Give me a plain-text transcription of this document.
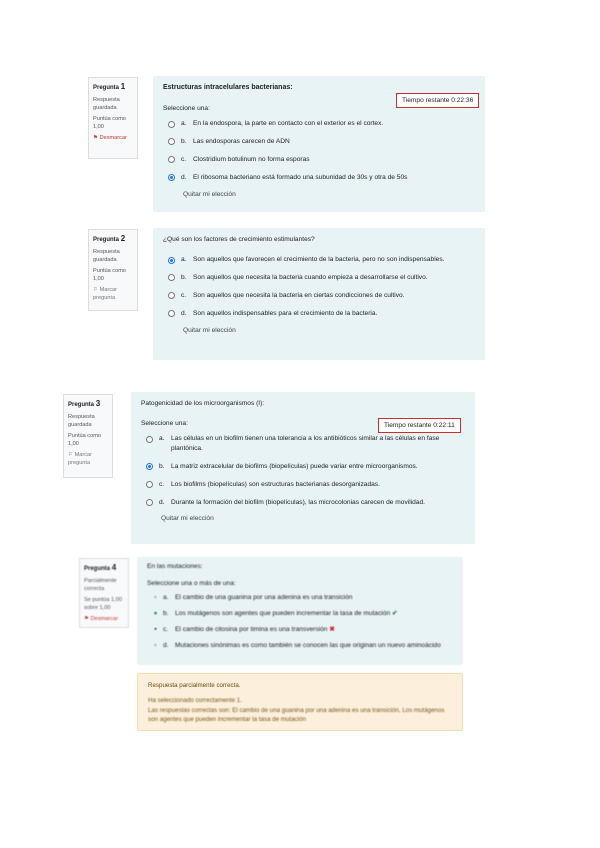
Pregunta 1
Respuesta guardada
Puntúa como 1,00
⚑ Desmarcar
Estructuras intracelulares bacterianas:
Seleccione una:
a. En la endospora, la parte en contacto con el exterior es el cortex.
b. Las endosporas carecen de ADN
c.	Clostridium botulinum no forma esporas
d. El ribosoma bacteriano está formado una subunidad de 30s y otra de 50s
Quitar mi elección
Tiempo restante 0:22:36
Pregunta 2
Respuesta guardada
Puntúa como 1,00
⚐ Marcar pregunta
¿Qué son los factores de crecimiento estimulantes?
a. Son aquellos que favorecen el crecimiento de la bacteria, pero no son indispensables.
b. Son aquellos que necesita la bacteria cuando empieza a desarrollarse el cultivo.
c.	Son aquellos que necesita la bacteria en ciertas condicciones de cultivo.
d. Son aquellos indispensables para el crecimiento de la bacteria.
Quitar mi elección
Pregunta 3
Respuesta guardada
Puntúa como 1,00
⚐ Marcar pregunta
Patogenicidad de los microorganismos (I):
Seleccione una:
a. Las células en un biofilm tienen una tolerancia a los antibióticos similar a las células en fase plantónica.
b. La matriz extracelular de biofilms (biopelículas) puede variar entre microorganismos.
c.	Los biofilms (biopelículas) son estructuras bacterianas desorganizadas.
d. Durante la formación del biofilm (biopelículas), las microcolonias carecen de movilidad.
Quitar mi elección
Tiempo restante 0:22:11
Pregunta 4
Parcialmente correcta
Se puntúa 1,00 sobre 1,00
⚑ Desmarcar
En las mutaciones:
Seleccione una o más de una:
▫ a. El cambio de una guanina por una adenina es una transición
● b. Los mutágenos son agentes que pueden incrementar la tasa de mutación ✔
▪ c.	El cambio de citosina por timina es una transversión ✖
▫ d. Mutaciones sinónimas es como también se conocen las que originan un nuevo aminoácido
Respuesta parcialmente correcta.
Ha seleccionado correctamente 1.
Las respuestas correctas son: El cambio de una guanina por una adenina es una transición, Los mutágenos son agentes que pueden incrementar la tasa de mutación
